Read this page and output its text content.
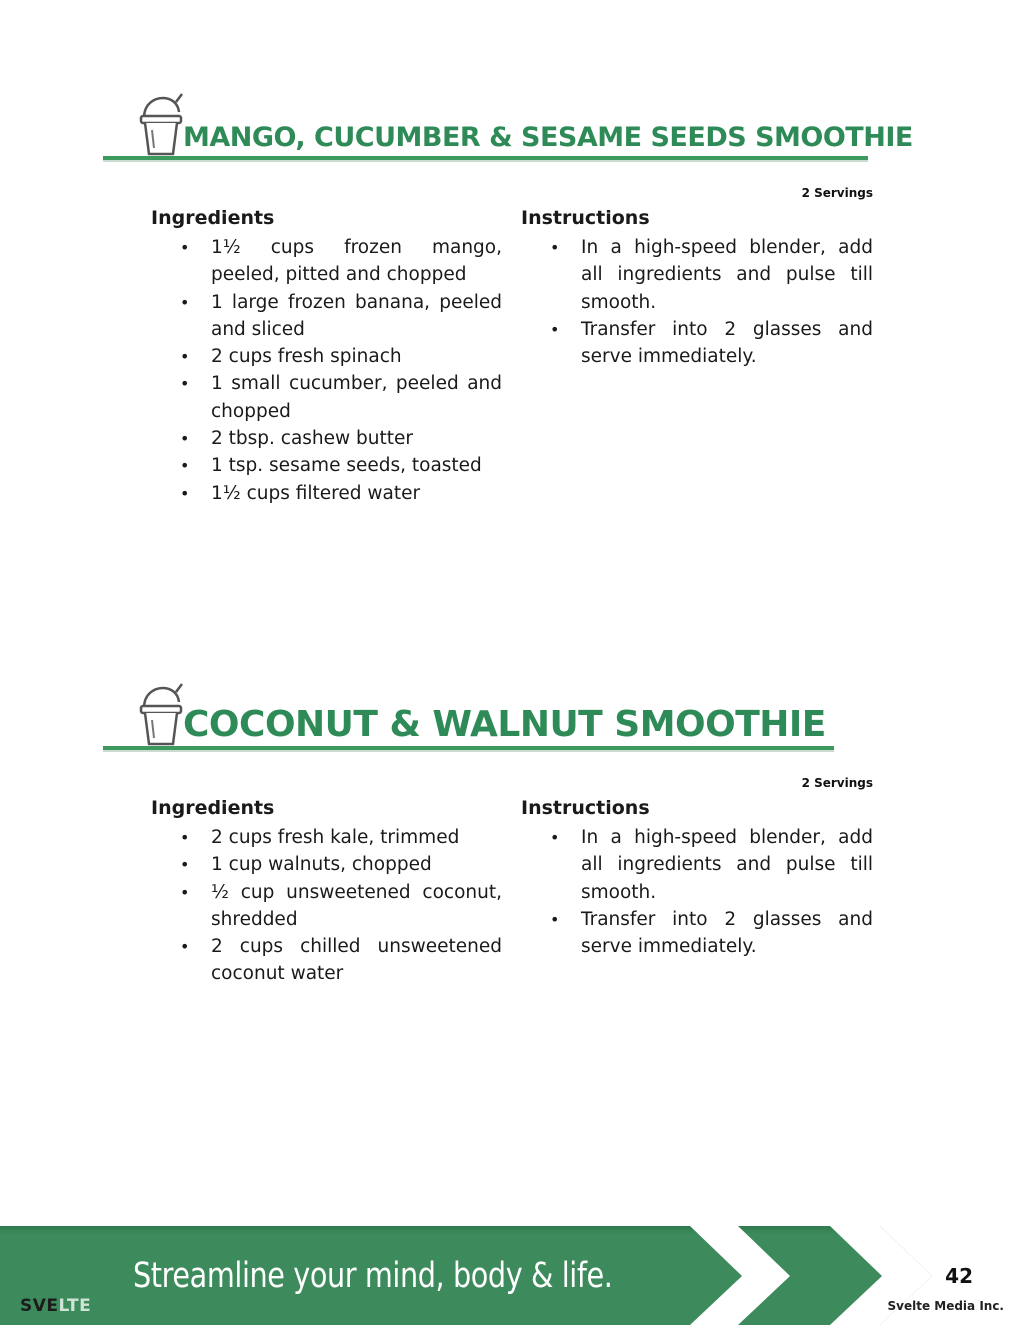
MANGO, CUCUMBER & SESAME SEEDS SMOOTHIE
2 Servings
Ingredients
• 1½ cups frozen mango, peeled, pitted and chopped
• 1 large frozen banana, peeled and sliced
• 2 cups fresh spinach
• 1 small cucumber, peeled and chopped
• 2 tbsp. cashew butter
• 1 tsp. sesame seeds, toasted
• 1½ cups filtered water
Instructions
• In a high-speed blender, add all ingredients and pulse till smooth.
• Transfer into 2 glasses and serve immediately.
COCONUT & WALNUT SMOOTHIE
2 Servings
Ingredients
• 2 cups fresh kale, trimmed
• 1 cup walnuts, chopped
• ½ cup unsweetened coconut, shredded
• 2 cups chilled unsweetened coconut water
Instructions
• In a high-speed blender, add all ingredients and pulse till smooth.
• Transfer into 2 glasses and serve immediately.
Streamline your mind, body & life.	42
Svelte Media Inc.
SVELTE
